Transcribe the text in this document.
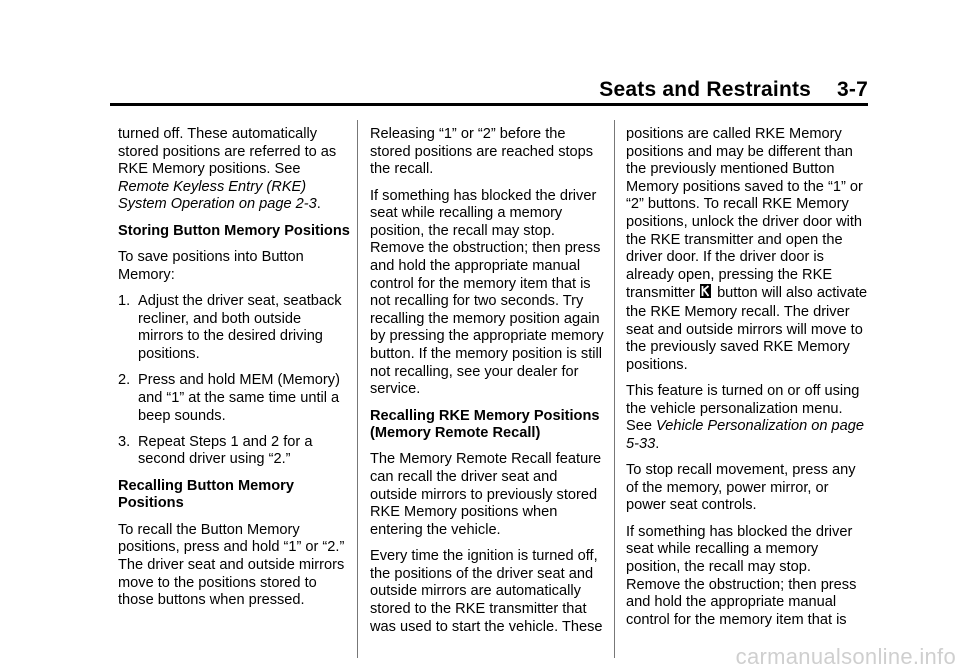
Seats and Restraints 3-7

turned off. These automatically stored positions are referred to as RKE Memory positions. See Remote Keyless Entry (RKE) System Operation on page 2-3.

Storing Button Memory Positions

To save positions into Button Memory:

1. Adjust the driver seat, seatback recliner, and both outside mirrors to the desired driving positions.
2. Press and hold MEM (Memory) and “1” at the same time until a beep sounds.
3. Repeat Steps 1 and 2 for a second driver using “2.”

Recalling Button Memory Positions

To recall the Button Memory positions, press and hold “1” or “2.” The driver seat and outside mirrors move to the positions stored to those buttons when pressed.

Releasing “1” or “2” before the stored positions are reached stops the recall.

If something has blocked the driver seat while recalling a memory position, the recall may stop. Remove the obstruction; then press and hold the appropriate manual control for the memory item that is not recalling for two seconds. Try recalling the memory position again by pressing the appropriate memory button. If the memory position is still not recalling, see your dealer for service.

Recalling RKE Memory Positions (Memory Remote Recall)

The Memory Remote Recall feature can recall the driver seat and outside mirrors to previously stored RKE Memory positions when entering the vehicle.

Every time the ignition is turned off, the positions of the driver seat and outside mirrors are automatically stored to the RKE transmitter that was used to start the vehicle. These

positions are called RKE Memory positions and may be different than the previously mentioned Button Memory positions saved to the “1” or “2” buttons. To recall RKE Memory positions, unlock the driver door with the RKE transmitter and open the driver door. If the driver door is already open, pressing the RKE transmitter button will also activate the RKE Memory recall. The driver seat and outside mirrors will move to the previously saved RKE Memory positions.

This feature is turned on or off using the vehicle personalization menu. See Vehicle Personalization on page 5-33.

To stop recall movement, press any of the memory, power mirror, or power seat controls.

If something has blocked the driver seat while recalling a memory position, the recall may stop. Remove the obstruction; then press and hold the appropriate manual control for the memory item that is

carmanualsonline.info
